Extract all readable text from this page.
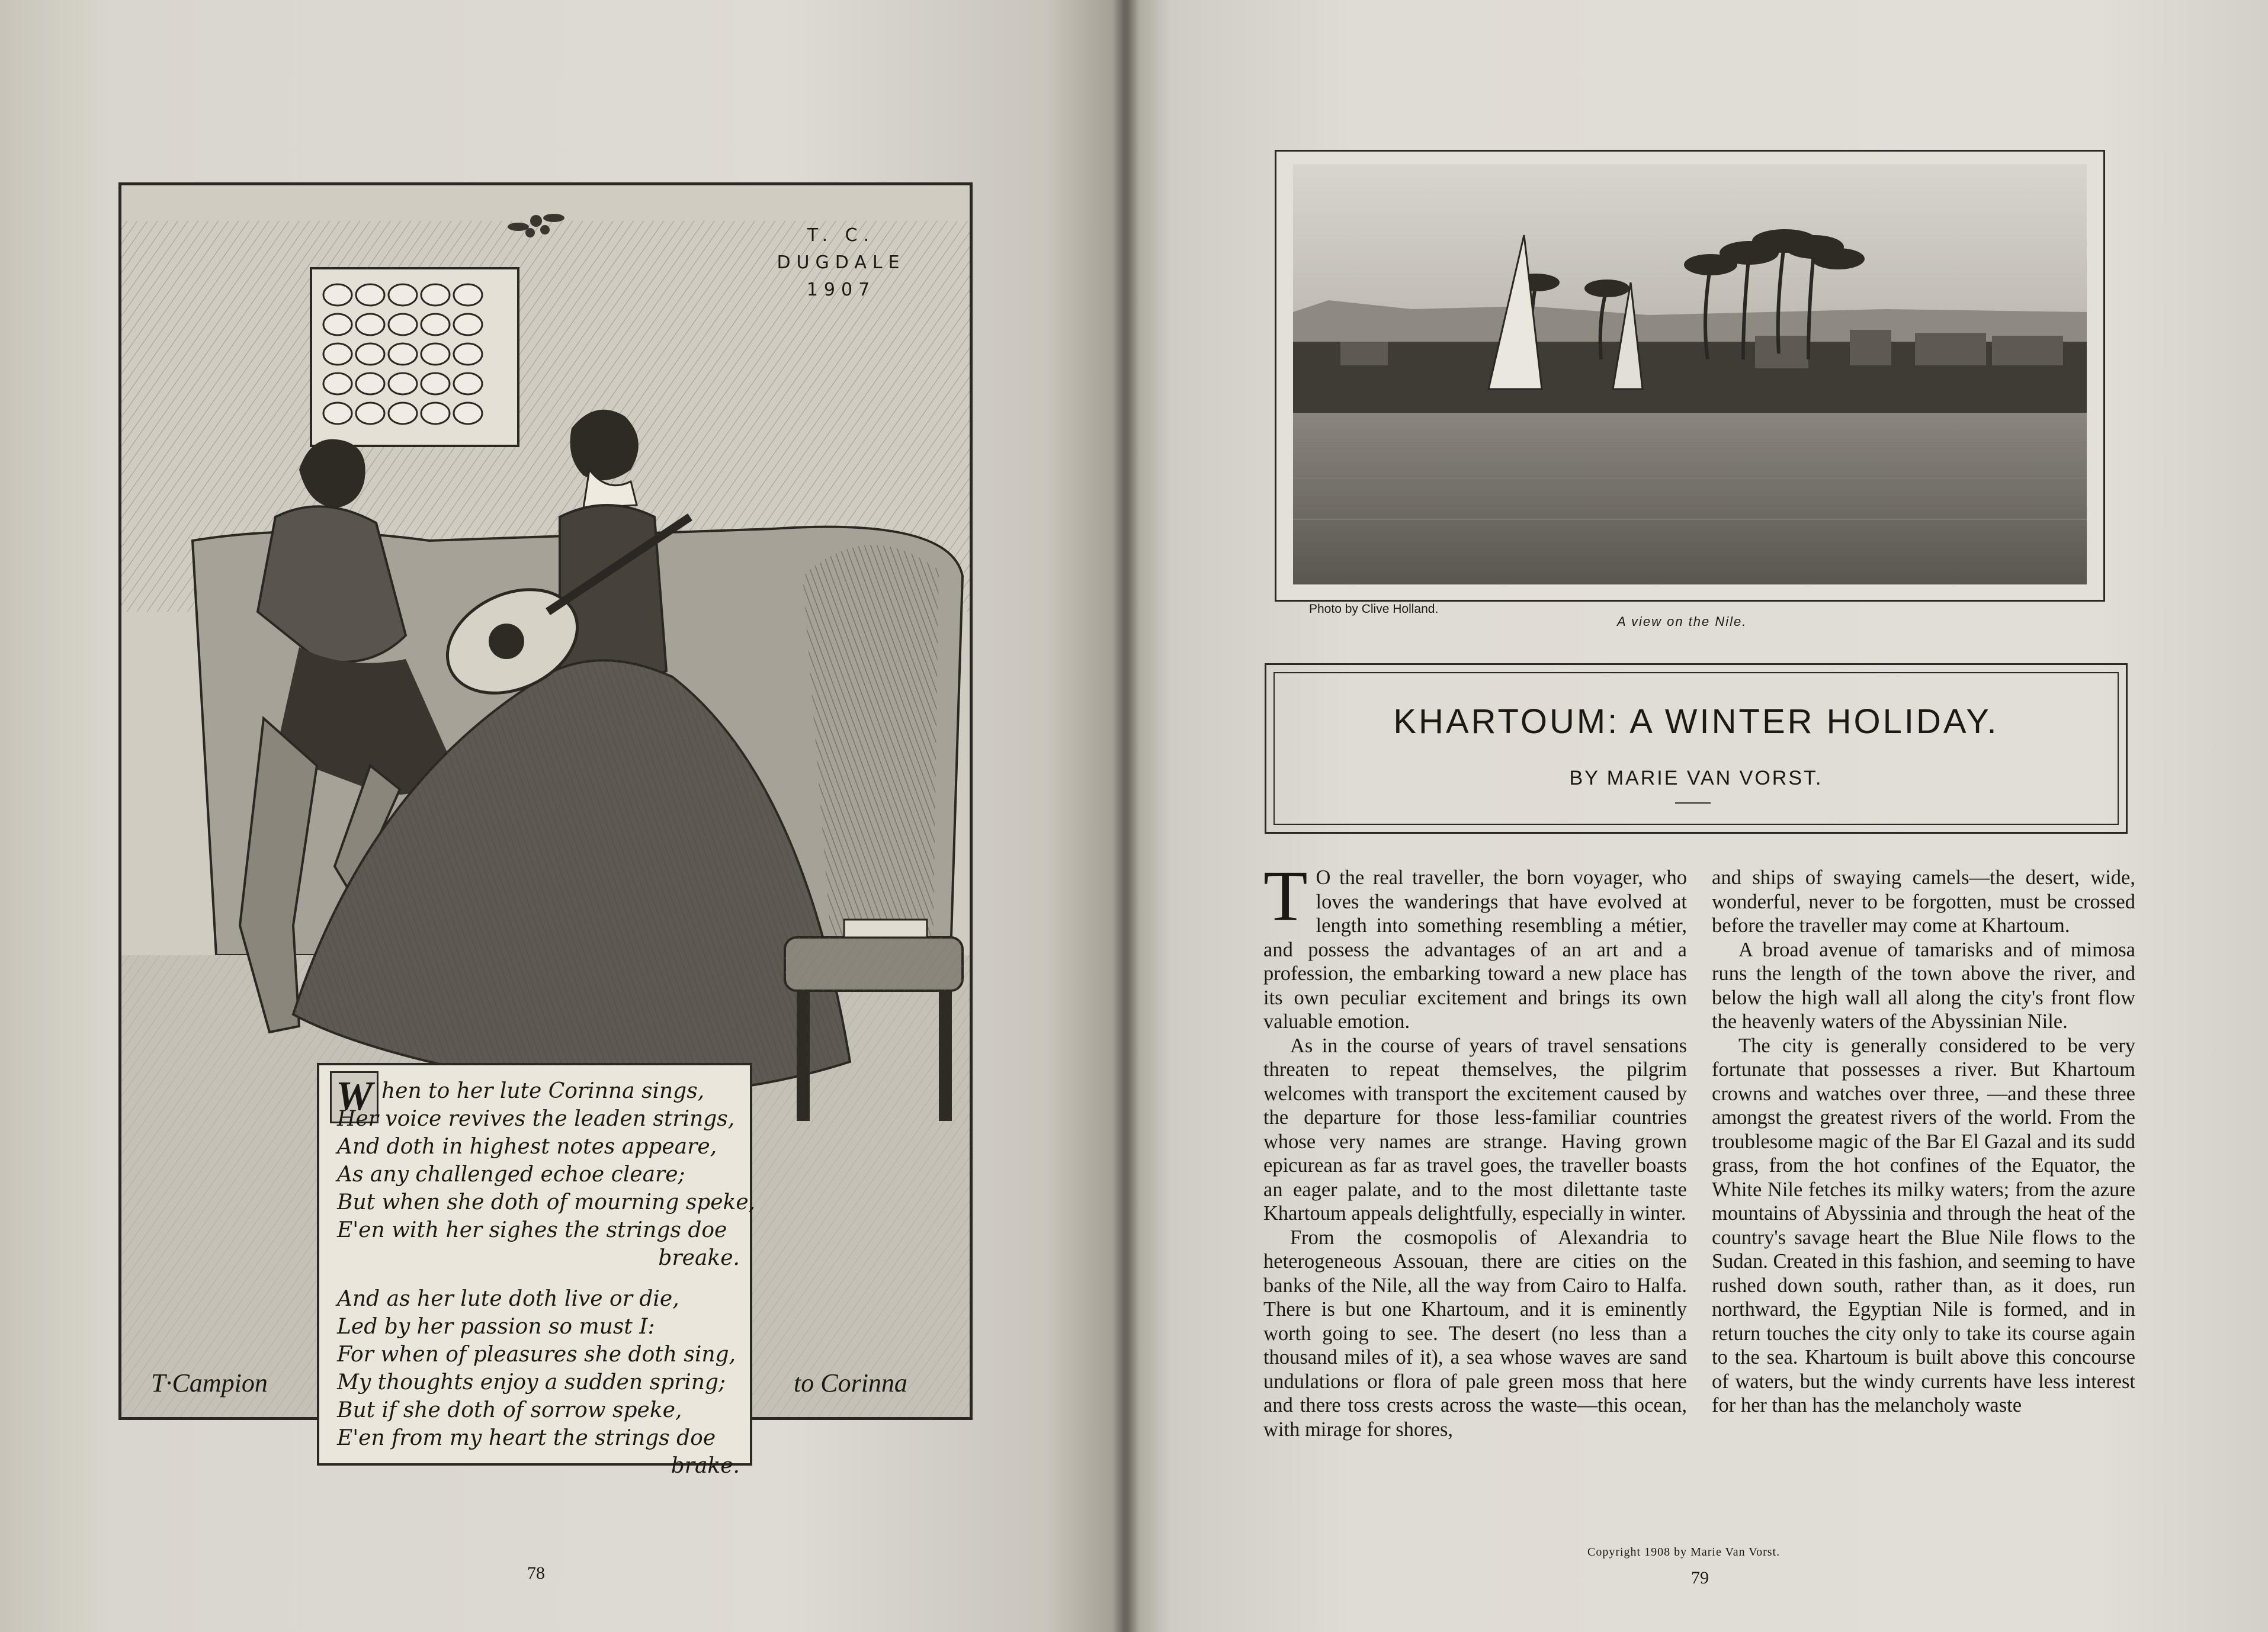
T. C. DUGDALE
1907
T·Campion	to Corinna
W hen to her lute Corinna sings,
Her voice revives the leaden strings,
And doth in highest notes appeare,
As any challenged echoe cleare;
But when she doth of mourning speke,
E'en with her sighes the strings doe
breake.
And as her lute doth live or die,
Led by her passion so must I:
For when of pleasures she doth sing,
My thoughts enjoy a sudden spring;
But if she doth of sorrow speke,
E'en from my heart the strings doe
brake.
78
Photo by Clive Holland.
A view on the Nile.
KHARTOUM: A WINTER HOLIDAY.
BY MARIE VAN VORST.

T O the real traveller, the born voyager, who loves the wanderings that have evolved at length into something resembling a métier, and possess the advantages of an art and a profession, the embarking toward a new place has its own peculiar excitement and brings its own valuable emotion.

As in the course of years of travel sensations threaten to repeat themselves, the pilgrim welcomes with transport the excitement caused by the departure for those less-familiar countries whose very names are strange. Having grown epicurean as far as travel goes, the traveller boasts an eager palate, and to the most dilettante taste Khartoum appeals delightfully, especially in winter.

From the cosmopolis of Alexandria to heterogeneous Assouan, there are cities on the banks of the Nile, all the way from Cairo to Halfa. There is but one Khartoum, and it is eminently worth going to see. The desert (no less than a thousand miles of it), a sea whose waves are sand undulations or flora of pale green moss that here and there toss crests across the waste—this ocean, with mirage for shores,

and ships of swaying camels—the desert, wide, wonderful, never to be forgotten, must be crossed before the traveller may come at Khartoum.

A broad avenue of tamarisks and of mimosa runs the length of the town above the river, and below the high wall all along the city's front flow the heavenly waters of the Abyssinian Nile.

The city is generally considered to be very fortunate that possesses a river. But Khartoum crowns and watches over three, —and these three amongst the greatest rivers of the world. From the troublesome magic of the Bar El Gazal and its sudd grass, from the hot confines of the Equator, the White Nile fetches its milky waters; from the azure mountains of Abyssinia and through the heat of the country's savage heart the Blue Nile flows to the Sudan. Created in this fashion, and seeming to have rushed down south, rather than, as it does, run northward, the Egyptian Nile is formed, and in return touches the city only to take its course again to the sea. Khartoum is built above this concourse of waters, but the windy currents have less interest for her than has the melancholy waste

Copyright 1908 by Marie Van Vorst.
79
